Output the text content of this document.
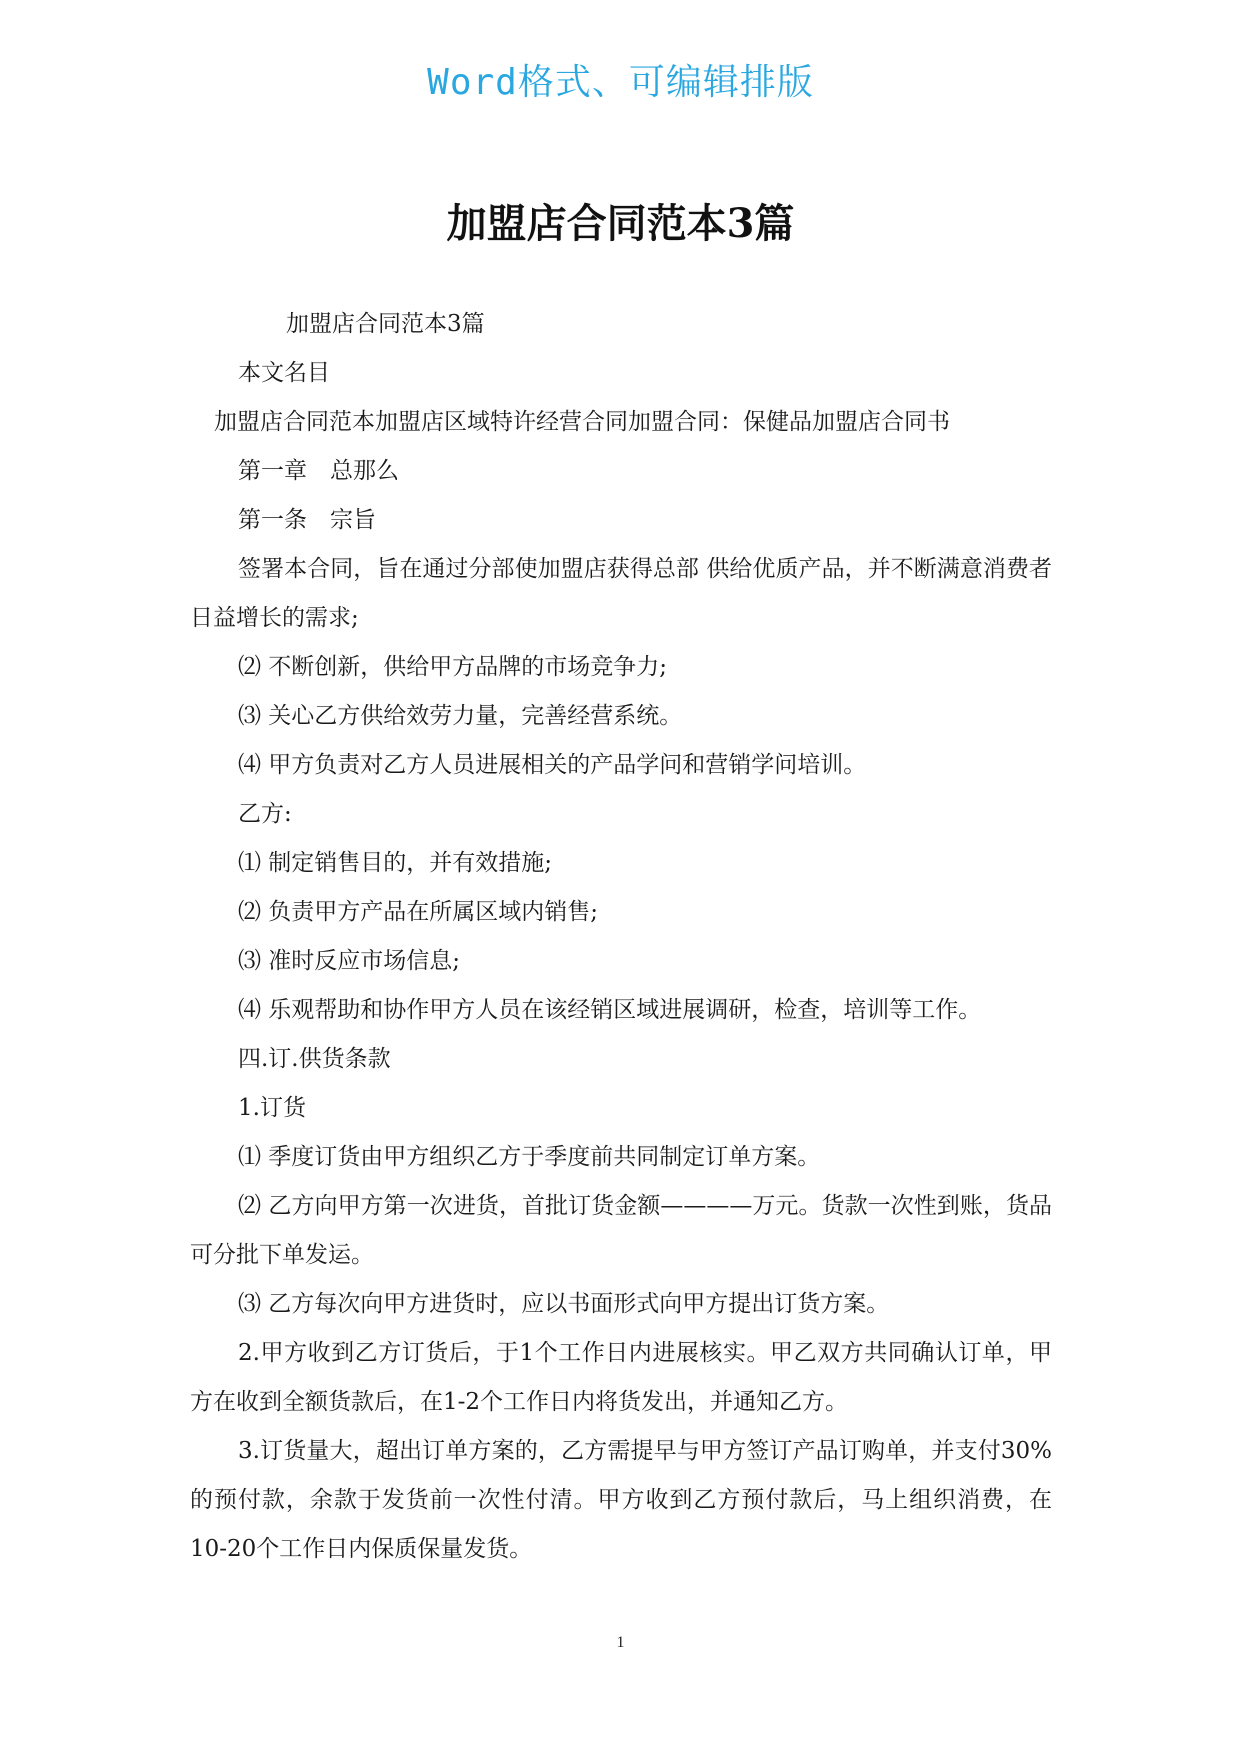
Word格式、可编辑排版
加盟店合同范本3篇

加盟店合同范本3篇

本文名目

加盟店合同范本加盟店区域特许经营合同加盟合同：保健品加盟店合同书

第一章　总那么

第一条　宗旨

签署本合同，旨在通过分部使加盟店获得总部 供给优质产品，并不断满意消费者日益增长的需求;

⑵ 不断创新，供给甲方品牌的市场竞争力;

⑶ 关心乙方供给效劳力量，完善经营系统。

⑷ 甲方负责对乙方人员进展相关的产品学问和营销学问培训。

乙方:

⑴ 制定销售目的，并有效措施;

⑵ 负责甲方产品在所属区域内销售;

⑶ 准时反应市场信息;

⑷ 乐观帮助和协作甲方人员在该经销区域进展调研，检查，培训等工作。

四.订.供货条款

1.订货

⑴ 季度订货由甲方组织乙方于季度前共同制定订单方案。

⑵ 乙方向甲方第一次进货，首批订货金额————万元。货款一次性到账，货品可分批下单发运。

⑶ 乙方每次向甲方进货时，应以书面形式向甲方提出订货方案。

2.甲方收到乙方订货后，于1个工作日内进展核实。甲乙双方共同确认订单，甲方在收到全额货款后，在1-2个工作日内将货发出，并通知乙方。

3.订货量大，超出订单方案的，乙方需提早与甲方签订产品订购单，并支付30%的预付款，余款于发货前一次性付清。甲方收到乙方预付款后，马上组织消费，在10-20个工作日内保质保量发货。

1
